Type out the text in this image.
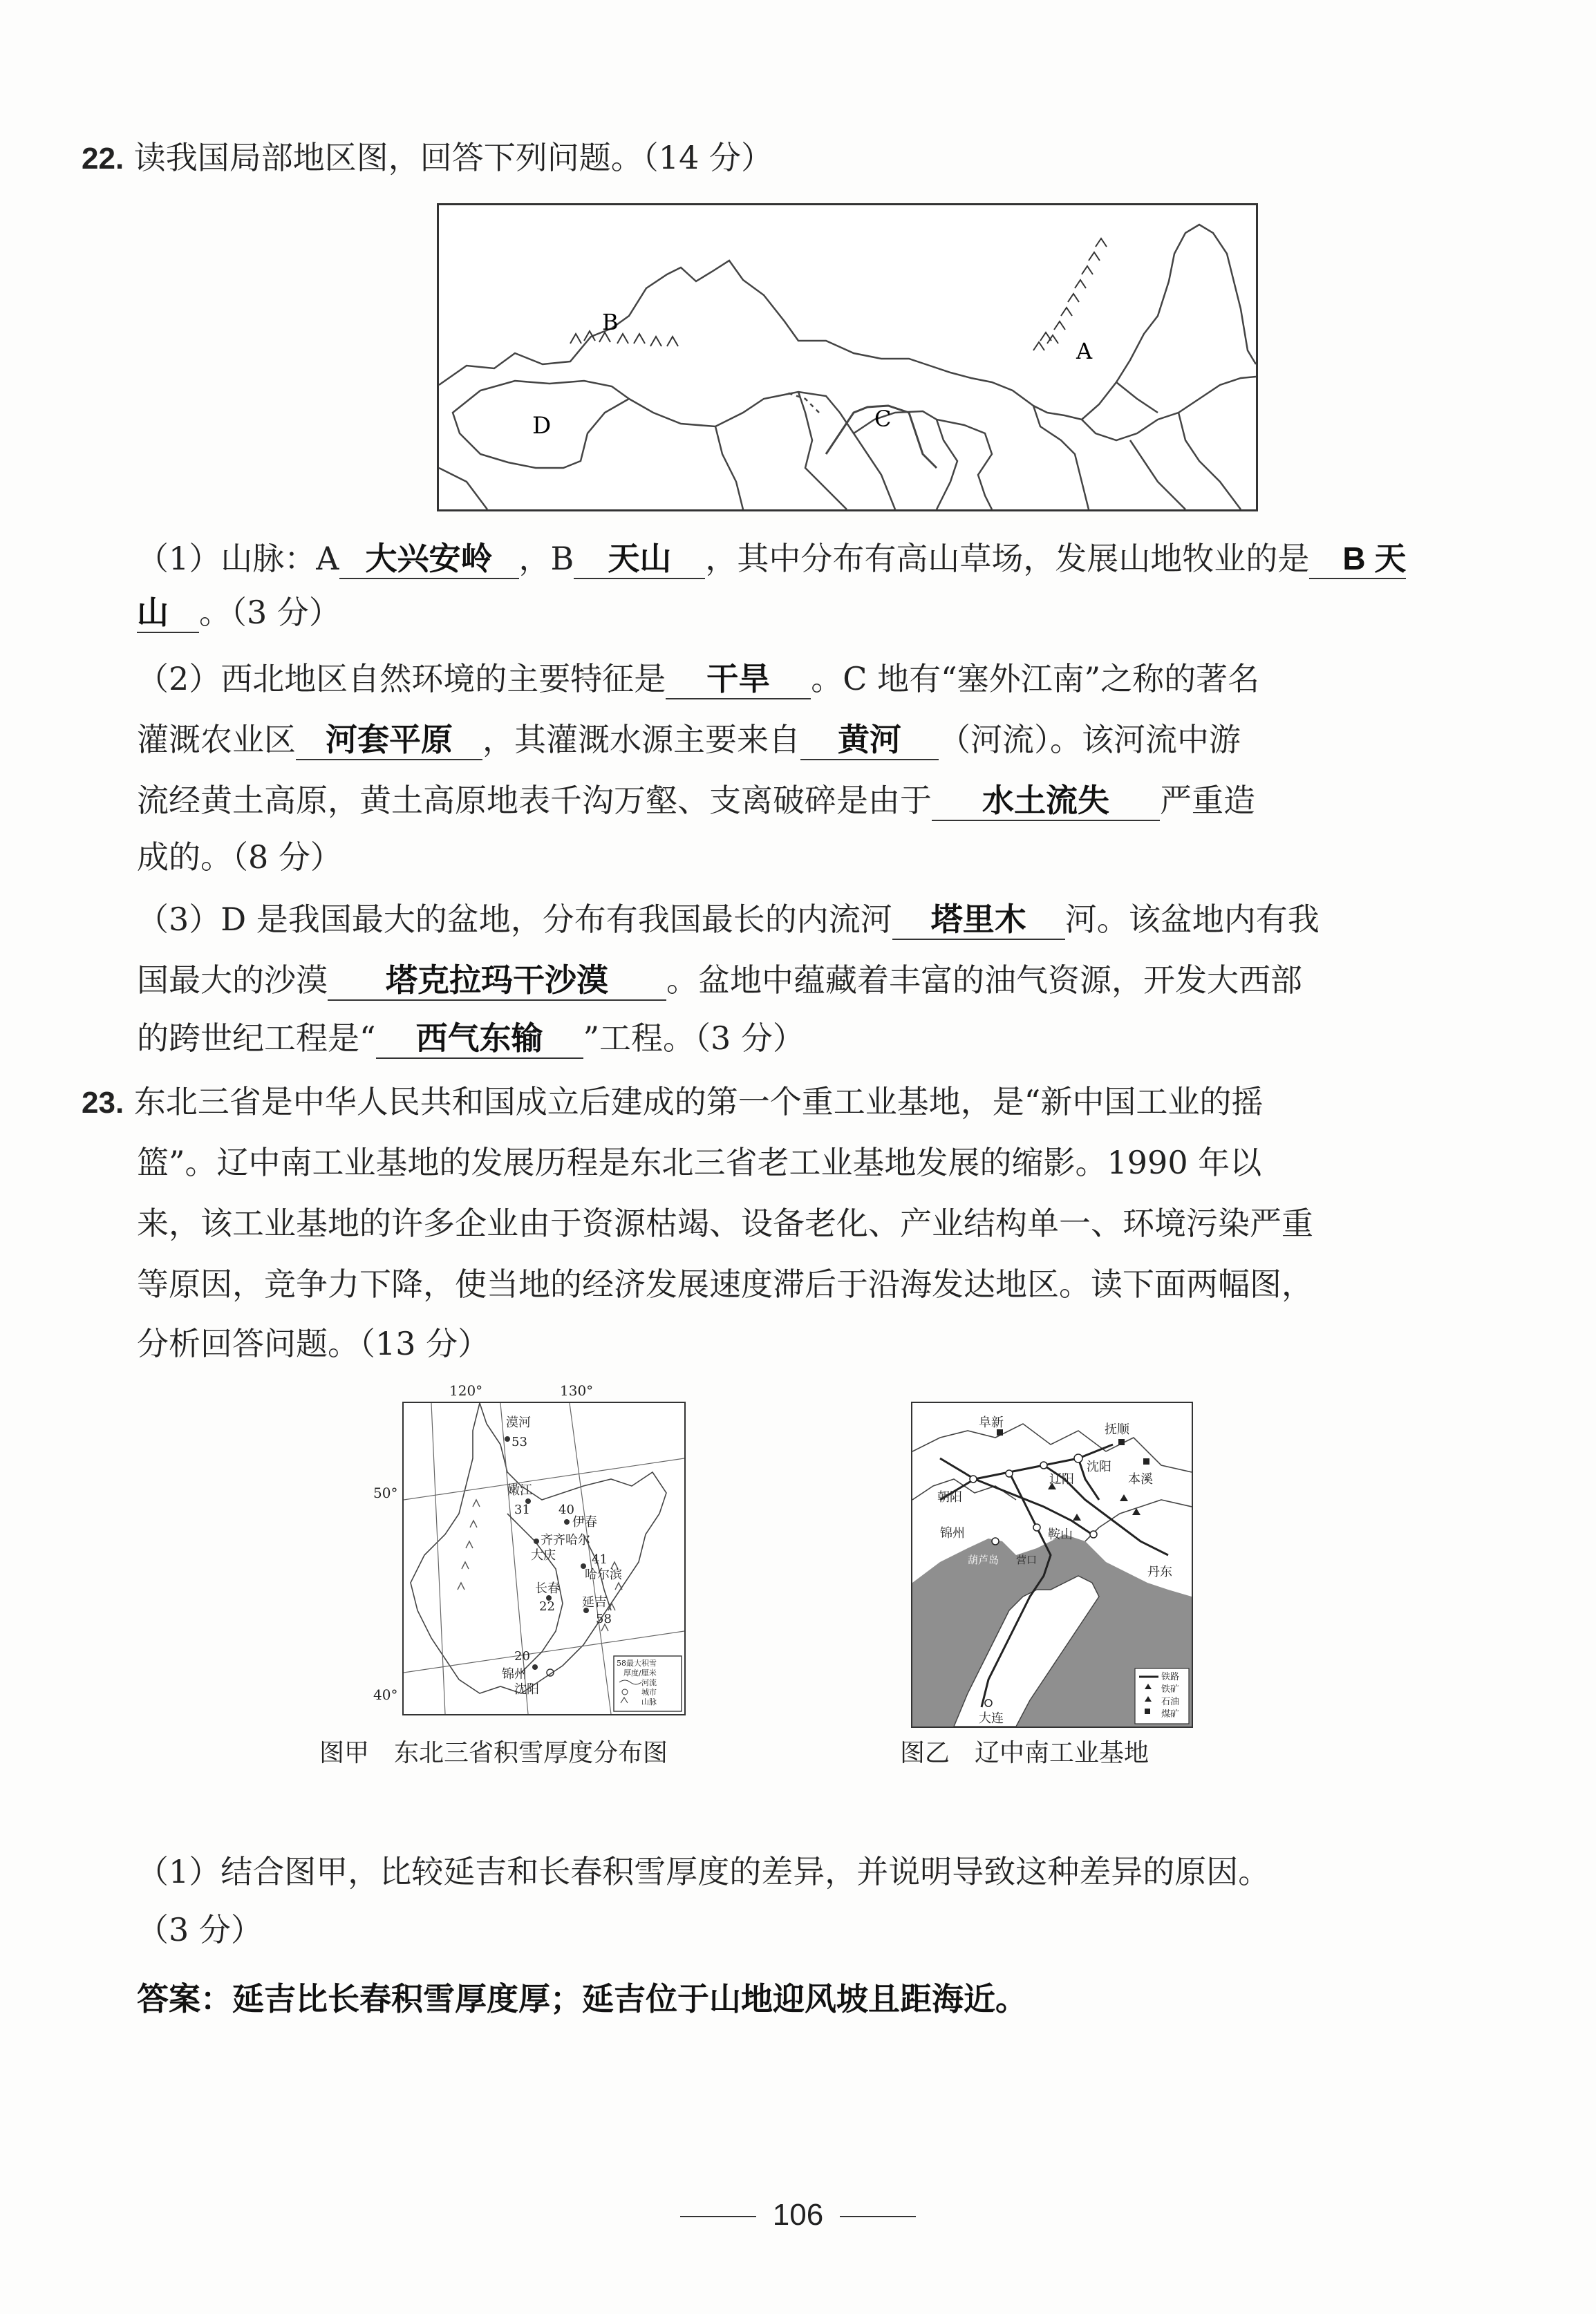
22. 读我国局部地区图，回答下列问题。（14 分）
B
A
C
D
（1）山脉：A 大兴安岭 ，B 天山 ，其中分布有高山草场，发展山地牧业的是 B 天
山 。（3 分）
（2）西北地区自然环境的主要特征是 干旱 。C 地有“塞外江南”之称的著名
灌溉农业区 河套平原 ，其灌溉水源主要来自 黄河 （河流）。该河流中游
流经黄土高原，黄土高原地表千沟万壑、支离破碎是由于 水土流失 严重造
成的。（8 分）
（3）D 是我国最大的盆地，分布有我国最长的内流河 塔里木 河。该盆地内有我
国最大的沙漠 塔克拉玛干沙漠 。盆地中蕴藏着丰富的油气资源，开发大西部
的跨世纪工程是“ 西气东输 ”工程。（3 分）
23. 东北三省是中华人民共和国成立后建成的第一个重工业基地，是“新中国工业的摇
篮”。辽中南工业基地的发展历程是东北三省老工业基地发展的缩影。1990 年以
来，该工业基地的许多企业由于资源枯竭、设备老化、产业结构单一、环境污染严重
等原因，竞争力下降，使当地的经济发展速度滞后于沿海发达地区。读下面两幅图，
分析回答问题。（13 分）
漠河
53
嫩江
31 40
伊春
齐齐哈尔
大庆	41
哈尔滨
长春
22 延吉
58
20
锦州
沈阳
58最大积雪
厚度/厘米
河流
城市
山脉
120°	130°
50°
40°
图甲　东北三省积雪厚度分布图
阜新	抚顺
沈阳
朝阳
辽阳	本溪
锦州	鞍山
葫芦岛 营口
丹东
大连
铁路
铁矿
石油
煤矿
图乙　辽中南工业基地
（1）结合图甲，比较延吉和长春积雪厚度的差异，并说明导致这种差异的原因。
（3 分）
答案：延吉比长春积雪厚度厚；延吉位于山地迎风坡且距海近。
106
